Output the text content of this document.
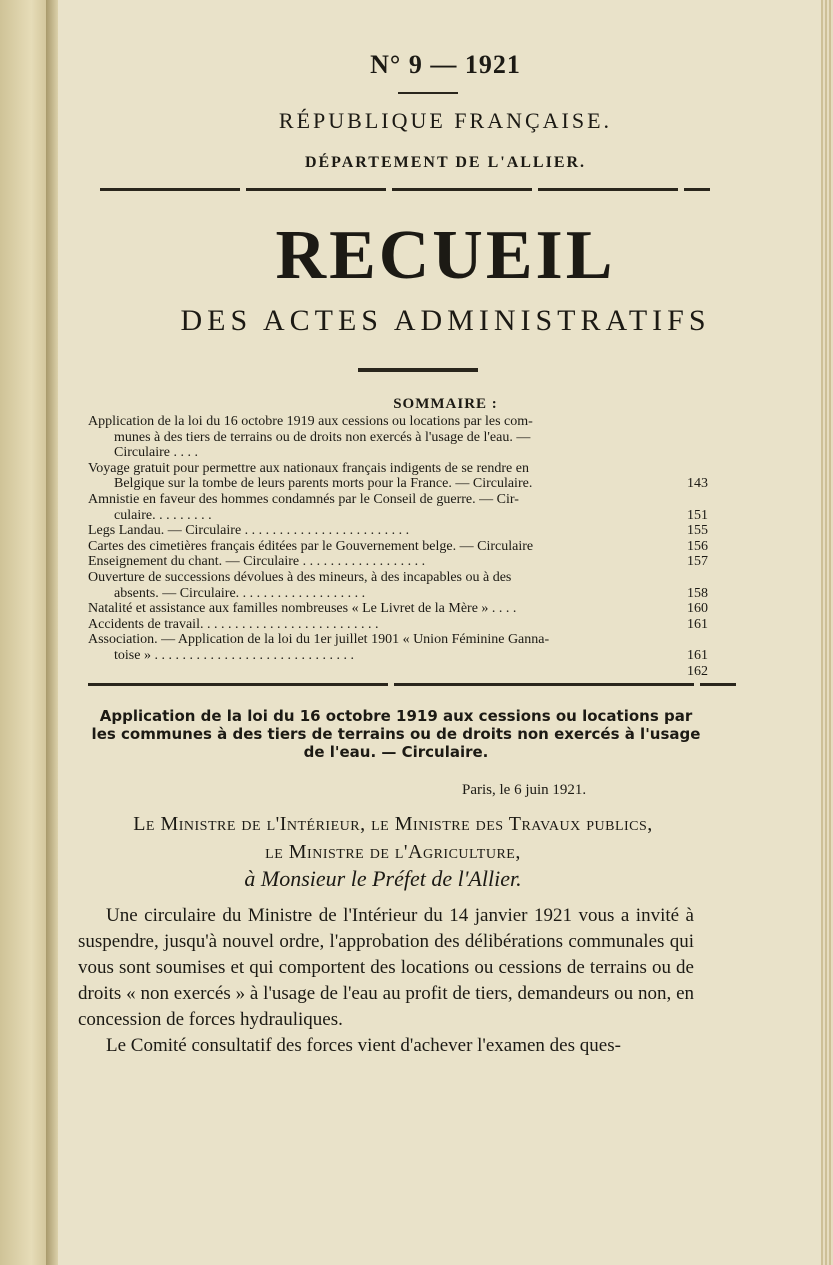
N° 9 — 1921
RÉPUBLIQUE FRANÇAISE.
DÉPARTEMENT DE L'ALLIER.
RECUEIL
DES ACTES ADMINISTRATIFS
SOMMAIRE :
Application de la loi du 16 octobre 1919 aux cessions ou locations par les com-
munes à des tiers de terrains ou de droits non exercés à l'usage de l'eau. —
Circulaire . . . .
Voyage gratuit pour permettre aux nationaux français indigents de se rendre en
Belgique sur la tombe de leurs parents morts pour la France. — Circulaire.	143
Amnistie en faveur des hommes condamnés par le Conseil de guerre. — Cir-
culaire. . . . . . . . .	151
Legs Landau. — Circulaire . . . . . . . . . . . . . . . . . . . . . . . .	155
Cartes des cimetières français éditées par le Gouvernement belge. — Circulaire	156
Enseignement du chant. — Circulaire . . . . . . . . . . . . . . . . . .	157
Ouverture de successions dévolues à des mineurs, à des incapables ou à des
absents. — Circulaire. . . . . . . . . . . . . . . . . . .	158
Natalité et assistance aux familles nombreuses « Le Livret de la Mère » . . . .	160
Accidents de travail. . . . . . . . . . . . . . . . . . . . . . . . . .	161
Association. — Application de la loi du 1er juillet 1901 « Union Féminine Ganna-
toise » . . . . . . . . . . . . . . . . . . . . . . . . . . . . .	161
162
Application de la loi du 16 octobre 1919 aux cessions ou locations par les communes à des tiers de terrains ou de droits non exercés à l'usage de l'eau. — Circulaire.
Paris, le 6 juin 1921.
Le Ministre de l'Intérieur, le Ministre des Travaux publics,
le Ministre de l'Agriculture,
à Monsieur le Préfet de l'Allier.

Une circulaire du Ministre de l'Intérieur du 14 janvier 1921 vous a invité à suspendre, jusqu'à nouvel ordre, l'approbation des délibérations communales qui vous sont soumises et qui comportent des locations ou cessions de terrains ou de droits « non exercés » à l'usage de l'eau au profit de tiers, demandeurs ou non, en concession de forces hydrauliques.

Le Comité consultatif des forces vient d'achever l'examen des ques-
